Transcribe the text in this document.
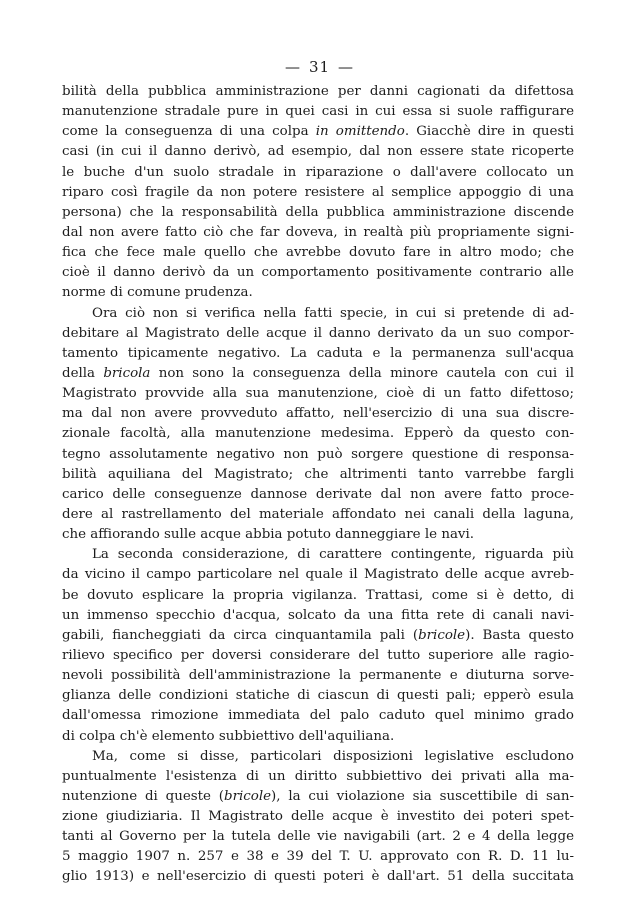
— 31 —
bilità della pubblica amministrazione per danni cagionati da difettosa
manutenzione stradale pure in quei casi in cui essa si suole raffigurare
come la conseguenza di una colpa in omittendo. Giacchè dire in questi
casi (in cui il danno derivò, ad esempio, dal non essere state ricoperte
le buche d'un suolo stradale in riparazione o dall'avere collocato un
riparo così fragile da non potere resistere al semplice appoggio di una
persona) che la responsabilità della pubblica amministrazione discende
dal non avere fatto ciò che far doveva, in realtà più propriamente signi-
fica che fece male quello che avrebbe dovuto fare in altro modo; che
cioè il danno derivò da un comportamento positivamente contrario alle
norme di comune prudenza.
Ora ciò non si verifica nella fatti specie, in cui si pretende di ad-
debitare al Magistrato delle acque il danno derivato da un suo compor-
tamento tipicamente negativo. La caduta e la permanenza sull'acqua
della bricola non sono la conseguenza della minore cautela con cui il
Magistrato provvide alla sua manutenzione, cioè di un fatto difettoso;
ma dal non avere provveduto affatto, nell'esercizio di una sua discre-
zionale facoltà, alla manutenzione medesima. Epperò da questo con-
tegno assolutamente negativo non può sorgere questione di responsa-
bilità aquiliana del Magistrato; che altrimenti tanto varrebbe fargli
carico delle conseguenze dannose derivate dal non avere fatto proce-
dere al rastrellamento del materiale affondato nei canali della laguna,
che affiorando sulle acque abbia potuto danneggiare le navi.
La seconda considerazione, di carattere contingente, riguarda più
da vicino il campo particolare nel quale il Magistrato delle acque avreb-
be dovuto esplicare la propria vigilanza. Trattasi, come si è detto, di
un immenso specchio d'acqua, solcato da una fitta rete di canali navi-
gabili, fiancheggiati da circa cinquantamila pali (bricole). Basta questo
rilievo specifico per doversi considerare del tutto superiore alle ragio-
nevoli possibilità dell'amministrazione la permanente e diuturna sorve-
glianza delle condizioni statiche di ciascun di questi pali; epperò esula
dall'omessa rimozione immediata del palo caduto quel minimo grado
di colpa ch'è elemento subbiettivo dell'aquiliana.
Ma, come si disse, particolari disposizioni legislative escludono
puntualmente l'esistenza di un diritto subbiettivo dei privati alla ma-
nutenzione di queste (bricole), la cui violazione sia suscettibile di san-
zione giudiziaria. Il Magistrato delle acque è investito dei poteri spet-
tanti al Governo per la tutela delle vie navigabili (art. 2 e 4 della legge
5 maggio 1907 n. 257 e 38 e 39 del T. U. approvato con R. D. 11 lu-
glio 1913) e nell'esercizio di questi poteri è dall'art. 51 della succitata
